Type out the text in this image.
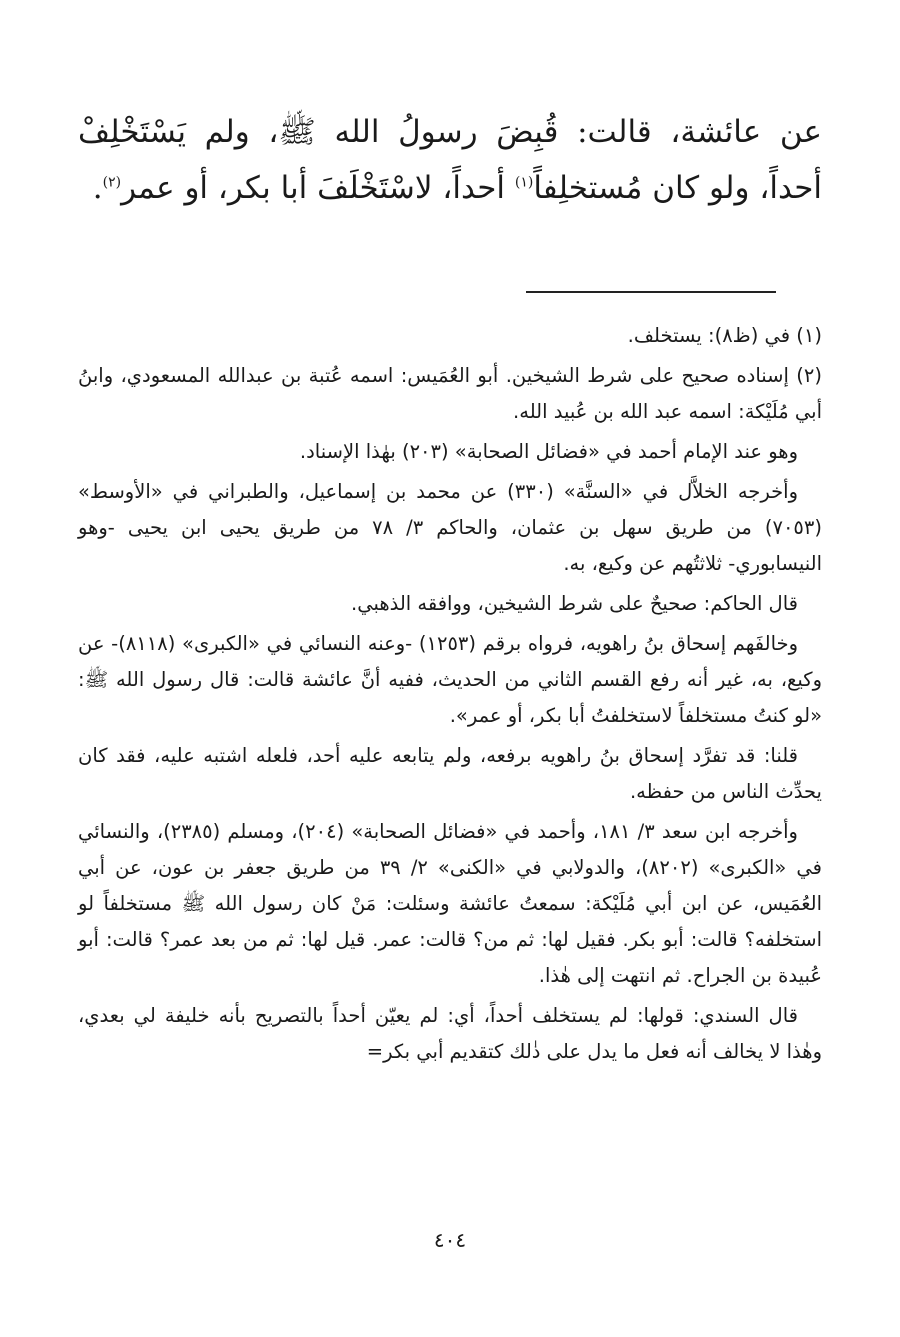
عن عائشة، قالت: قُبِضَ رسولُ الله ﷺ، ولم يَسْتَخْلِفْ أحداً، ولو كان مُستخلِفاً$^{(١)}$ أحداً، لاسْتَخْلَفَ أبا بكر، أو عمر$^{(٢)}$.

(١) في (ظ٨): يستخلف.

(٢) إسناده صحيح على شرط الشيخين. أبو العُمَيس: اسمه عُتبة بن عبدالله المسعودي، وابنُ أبي مُلَيْكة: اسمه عبد الله بن عُبيد الله.

وهو عند الإمام أحمد في «فضائل الصحابة» (٢٠٣) بهٰذا الإسناد.

وأخرجه الخلاَّل في «السنَّة» (٣٣٠) عن محمد بن إسماعيل، والطبراني في «الأوسط» (٧٠٥٣) من طريق سهل بن عثمان، والحاكم ٣/ ٧٨ من طريق يحيى ابن يحيى -وهو النيسابوري- ثلاثتُهم عن وكيع، به.

قال الحاكم: صحيحٌ على شرط الشيخين، ووافقه الذهبي.

وخالفَهم إسحاق بنُ راهويه، فرواه برقم (١٢٥٣) -وعنه النسائي في «الكبرى» (٨١١٨)- عن وكيع، به، غير أنه رفع القسم الثاني من الحديث، ففيه أنَّ عائشة قالت: قال رسول الله ﷺ: «لو كنتُ مستخلفاً لاستخلفتُ أبا بكر، أو عمر».

قلنا: قد تفرَّد إسحاق بنُ راهويه برفعه، ولم يتابعه عليه أحد، فلعله اشتبه عليه، فقد كان يحدِّث الناس من حفظه.

وأخرجه ابن سعد ٣/ ١٨١، وأحمد في «فضائل الصحابة» (٢٠٤)، ومسلم (٢٣٨٥)، والنسائي في «الكبرى» (٨٢٠٢)، والدولابي في «الكنى» ٢/ ٣٩ من طريق جعفر بن عون، عن أبي العُمَيس، عن ابن أبي مُلَيْكة: سمعتُ عائشة وسئلت: مَنْ كان رسول الله ﷺ مستخلفاً لو استخلفه؟ قالت: أبو بكر. فقيل لها: ثم من؟ قالت: عمر. قيل لها: ثم من بعد عمر؟ قالت: أبو عُبيدة بن الجراح. ثم انتهت إلى هٰذا.

قال السندي: قولها: لم يستخلف أحداً، أي: لم يعيّن أحداً بالتصريح بأنه خليفة لي بعدي، وهٰذا لا يخالف أنه فعل ما يدل على ذٰلك كتقديم أبي بكر=

٤٠٤
